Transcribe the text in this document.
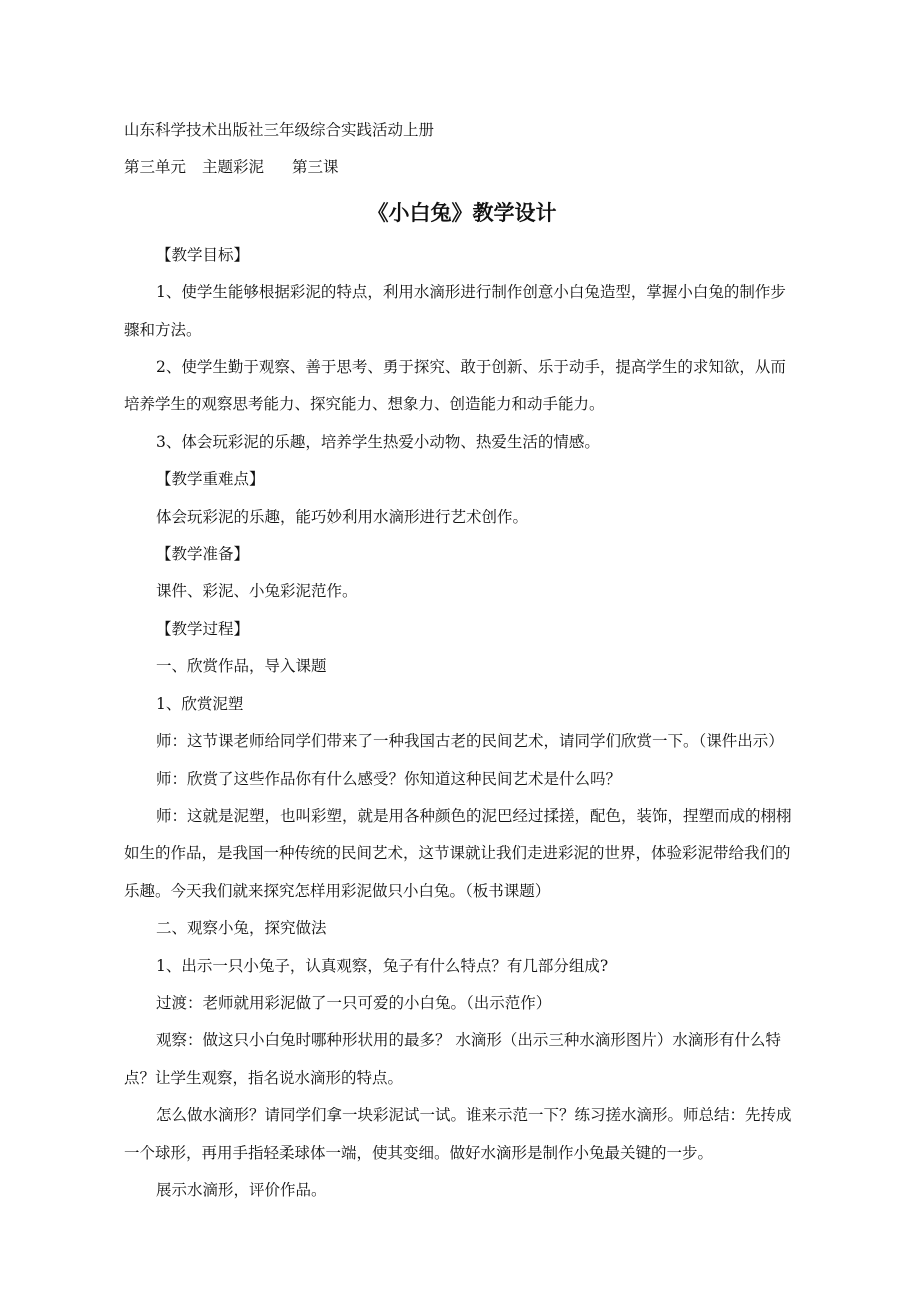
山东科学技术出版社三年级综合实践活动上册

第三单元 主题彩泥 第三课

《小白兔》教学设计

【教学目标】

1、使学生能够根据彩泥的特点，利用水滴形进行制作创意小白兔造型，掌握小白兔的制作步骤和方法。

2、使学生勤于观察、善于思考、勇于探究、敢于创新、乐于动手，提高学生的求知欲，从而培养学生的观察思考能力、探究能力、想象力、创造能力和动手能力。

3、体会玩彩泥的乐趣，培养学生热爱小动物、热爱生活的情感。

【教学重难点】

体会玩彩泥的乐趣，能巧妙利用水滴形进行艺术创作。

【教学准备】

课件、彩泥、小兔彩泥范作。

【教学过程】

一、欣赏作品，导入课题

1、欣赏泥塑

师：这节课老师给同学们带来了一种我国古老的民间艺术，请同学们欣赏一下。（课件出示）

师：欣赏了这些作品你有什么感受？你知道这种民间艺术是什么吗？

师：这就是泥塑，也叫彩塑，就是用各种颜色的泥巴经过揉搓，配色，装饰，捏塑而成的栩栩如生的作品，是我国一种传统的民间艺术，这节课就让我们走进彩泥的世界，体验彩泥带给我们的乐趣。今天我们就来探究怎样用彩泥做只小白兔。（板书课题）

二、观察小兔，探究做法

1、出示一只小兔子，认真观察，兔子有什么特点？有几部分组成?

过渡：老师就用彩泥做了一只可爱的小白兔。（出示范作）

观察：做这只小白兔时哪种形状用的最多？ 水滴形（出示三种水滴形图片）水滴形有什么特点？让学生观察，指名说水滴形的特点。

怎么做水滴形？请同学们拿一块彩泥试一试。谁来示范一下？练习搓水滴形。师总结：先抟成一个球形，再用手指轻柔球体一端，使其变细。做好水滴形是制作小兔最关键的一步。

展示水滴形，评价作品。
